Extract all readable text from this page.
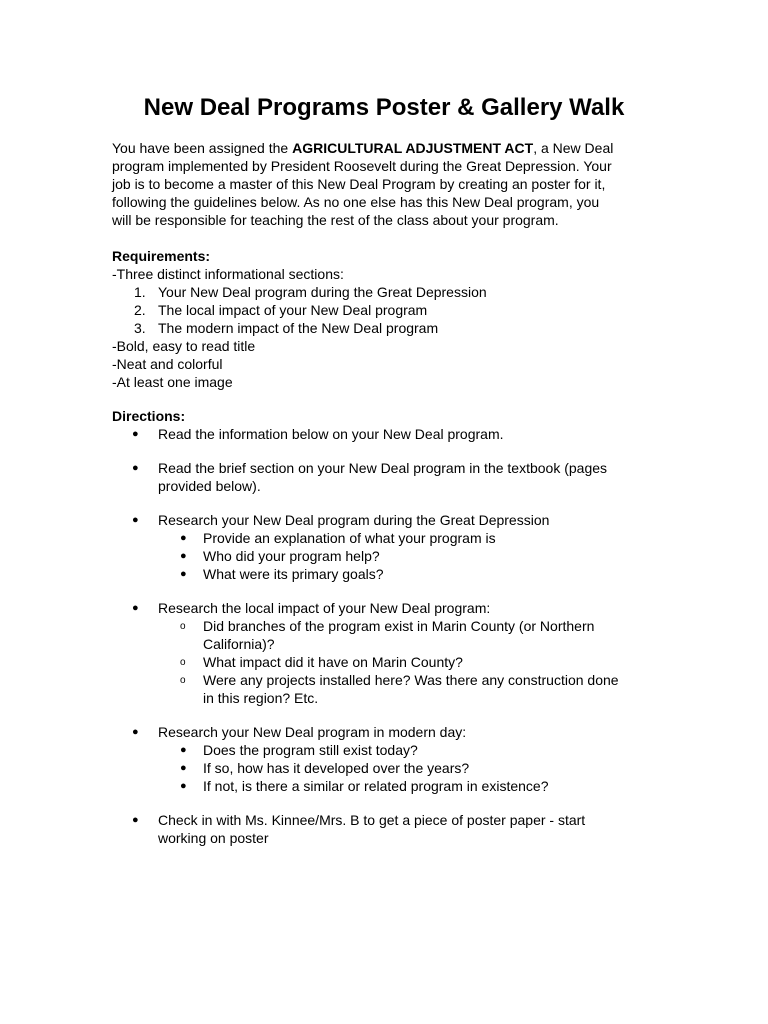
New Deal Programs Poster & Gallery Walk

You have been assigned the AGRICULTURAL ADJUSTMENT ACT, a New Deal
program implemented by President Roosevelt during the Great Depression. Your
job is to become a master of this New Deal Program by creating an poster for it,
following the guidelines below. As no one else has this New Deal program, you
will be responsible for teaching the rest of the class about your program.

Requirements:
-Three distinct informational sections:
1. Your New Deal program during the Great Depression
2. The local impact of your New Deal program
3. The modern impact of the New Deal program
-Bold, easy to read title
-Neat and colorful
-At least one image
Directions:
● Read the information below on your New Deal program.
● Read the brief section on your New Deal program in the textbook (pages
provided below).
● Research your New Deal program during the Great Depression
● Provide an explanation of what your program is
● Who did your program help?
● What were its primary goals?
● Research the local impact of your New Deal program:
o Did branches of the program exist in Marin County (or Northern
California)?
o What impact did it have on Marin County?
o Were any projects installed here? Was there any construction done
in this region? Etc.
● Research your New Deal program in modern day:
● Does the program still exist today?
● If so, how has it developed over the years?
● If not, is there a similar or related program in existence?
● Check in with Ms. Kinnee/Mrs. B to get a piece of poster paper - start
working on poster
